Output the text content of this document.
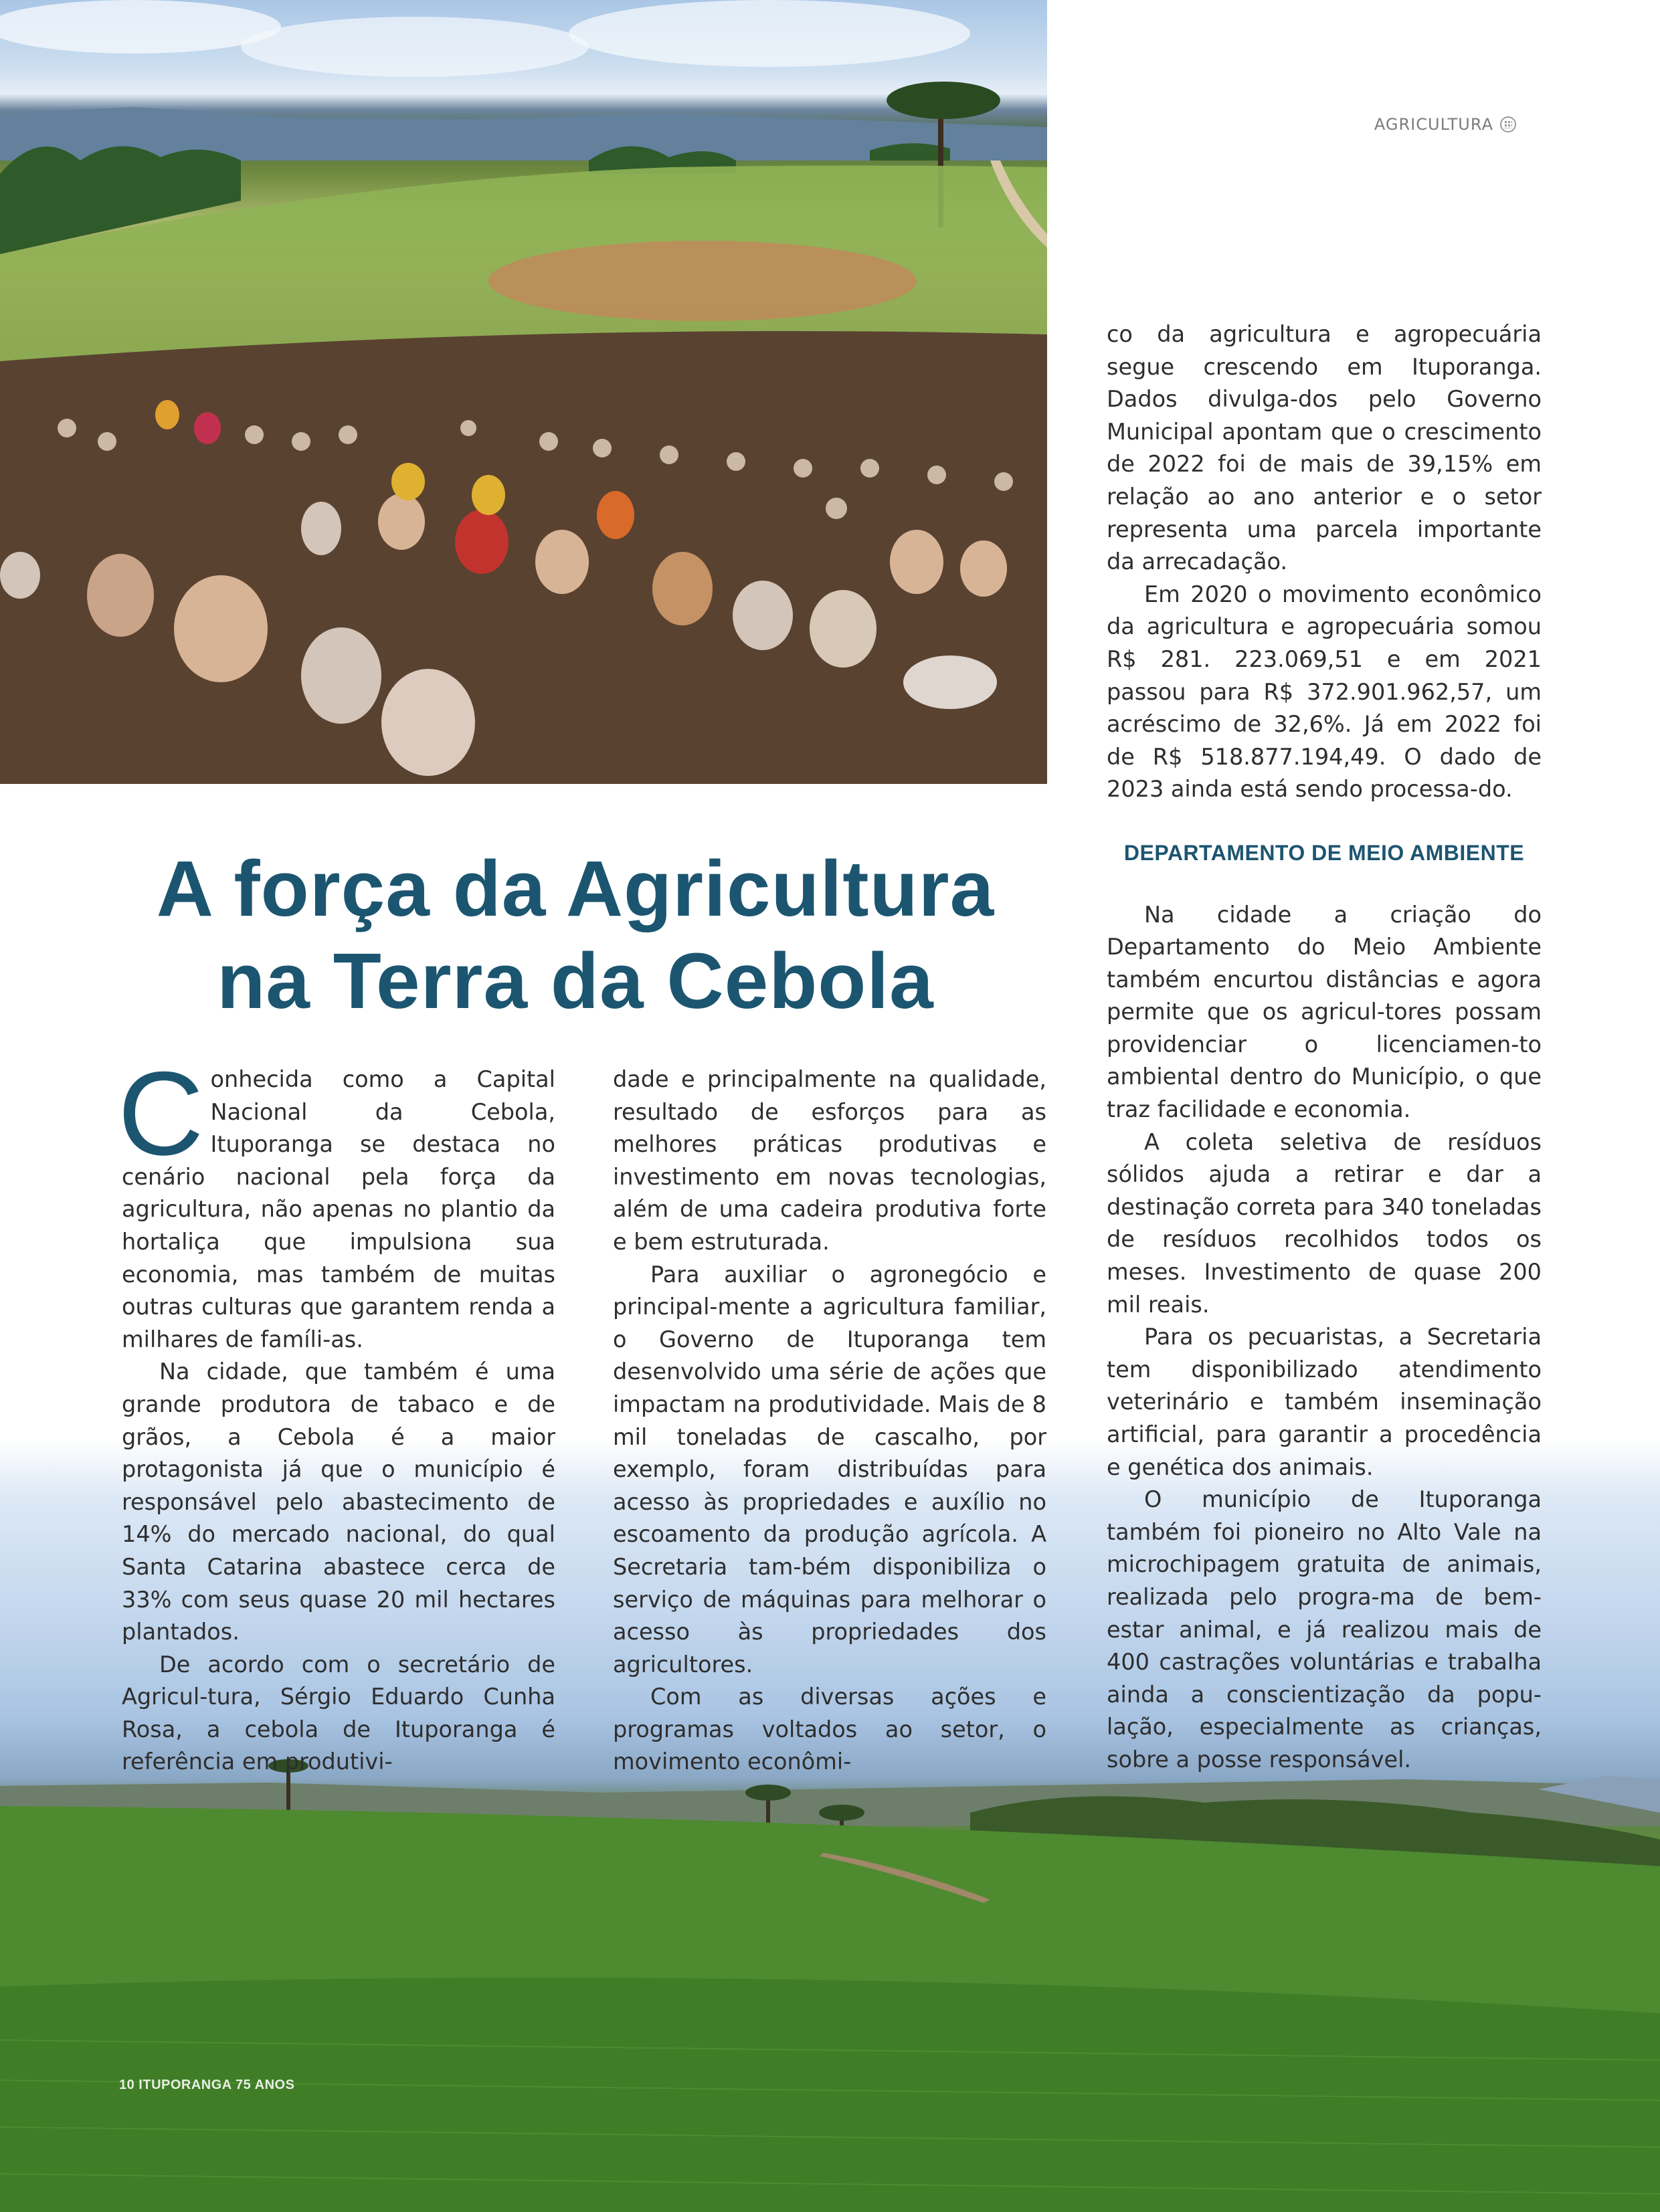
AGRICULTURA
A força da Agricultura
na Terra da Cebola

Conhecida como a Capital Nacional da Cebola, Ituporanga se destaca no cenário nacional pela força da agricultura, não apenas no plantio da hortaliça que impulsiona sua economia, mas também de muitas outras culturas que garantem renda a milhares de famíli-as.

Na cidade, que também é uma grande produtora de tabaco e de grãos, a Cebola é a maior protagonista já que o município é responsável pelo abastecimento de 14% do mercado nacional, do qual Santa Catarina abastece cerca de 33% com seus quase 20 mil hectares plantados.

De acordo com o secretário de Agricul-tura, Sérgio Eduardo Cunha Rosa, a cebola de Ituporanga é referência em produtivi-

dade e principalmente na qualidade, resultado de esforços para as melhores práticas produtivas e investimento em novas tecnologias, além de uma cadeira produtiva forte e bem estruturada.

Para auxiliar o agronegócio e principal-mente a agricultura familiar, o Governo de Ituporanga tem desenvolvido uma série de ações que impactam na produtividade. Mais de 8 mil toneladas de cascalho, por exemplo, foram distribuídas para acesso às propriedades e auxílio no escoamento da produção agrícola. A Secretaria tam-bém disponibiliza o serviço de máquinas para melhorar o acesso às propriedades dos agricultores.

Com as diversas ações e programas voltados ao setor, o movimento econômi-

co da agricultura e agropecuária segue crescendo em Ituporanga. Dados divulga-dos pelo Governo Municipal apontam que o crescimento de 2022 foi de mais de 39,15% em relação ao ano anterior e o setor representa uma parcela importante da arrecadação.

Em 2020 o movimento econômico da agricultura e agropecuária somou R$ 281. 223.069,51 e em 2021 passou para R$ 372.901.962,57, um acréscimo de 32,6%. Já em 2022 foi de R$ 518.877.194,49. O dado de 2023 ainda está sendo processa-do.

DEPARTAMENTO DE MEIO AMBIENTE

Na cidade a criação do Departamento do Meio Ambiente também encurtou distâncias e agora permite que os agricul-tores possam providenciar o licenciamen-to ambiental dentro do Município, o que traz facilidade e economia.

A coleta seletiva de resíduos sólidos ajuda a retirar e dar a destinação correta para 340 toneladas de resíduos recolhidos todos os meses. Investimento de quase 200 mil reais.

Para os pecuaristas, a Secretaria tem disponibilizado atendimento veterinário e também inseminação artificial, para garantir a procedência e genética dos animais.

O município de Ituporanga também foi pioneiro no Alto Vale na microchipagem gratuita de animais, realizada pelo progra-ma de bem-estar animal, e já realizou mais de 400 castrações voluntárias e trabalha ainda a conscientização da popu-lação, especialmente as crianças, sobre a posse responsável.

10 ITUPORANGA 75 ANOS
